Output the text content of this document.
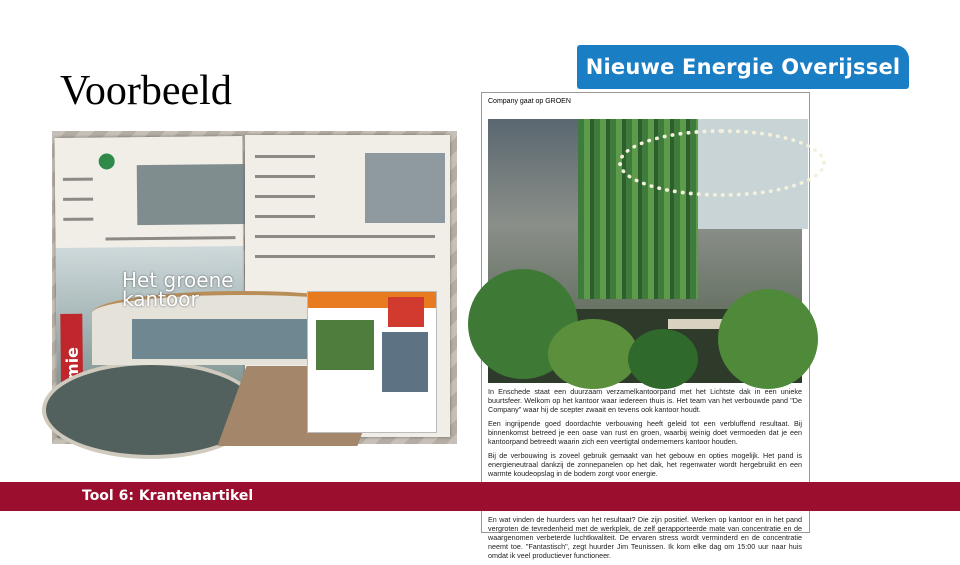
Voorbeeld
Nieuwe Energie Overijssel
Het groene kantoor
Company gaat op GROEN

In Enschede staat een duurzaam verzamelkantoorpand met het Lichtste dak in een unieke buurtsfeer. Welkom op het kantoor waar iedereen thuis is. Het team van het verbouwde pand "De Company" waar hij de scepter zwaait en tevens ook kantoor houdt.

Een ingrijpende goed doordachte verbouwing heeft geleid tot een verbluffend resultaat. Bij binnenkomst betreed je een oase van rust en groen, waarbij weinig doet vermoeden dat je een kantoorpand betreedt waarin zich een veertigtal ondernemers kantoor houden.

Bij de verbouwing is zoveel gebruik gemaakt van het gebouw en opties mogelijk. Het pand is energieneutraal dankzij de zonnepanelen op het dak, het regenwater wordt hergebruikt en een warmte koudeopslag in de bodem zorgt voor energie.

En wat vinden de huurders van het resultaat? Die zijn positief. Werken op kantoor en in het pand vergroten de tevredenheid met de werkplek, de zelf gerapporteerde mate van concentratie en de waargenomen verbeterde luchtkwaliteit. De ervaren stress wordt verminderd en de concentratie neemt toe. "Fantastisch", zegt huurder Jim Teunissen. Ik kom elke dag om 15:00 uur naar huis omdat ik veel productiever functioneer.

Tool 6: Krantenartikel
